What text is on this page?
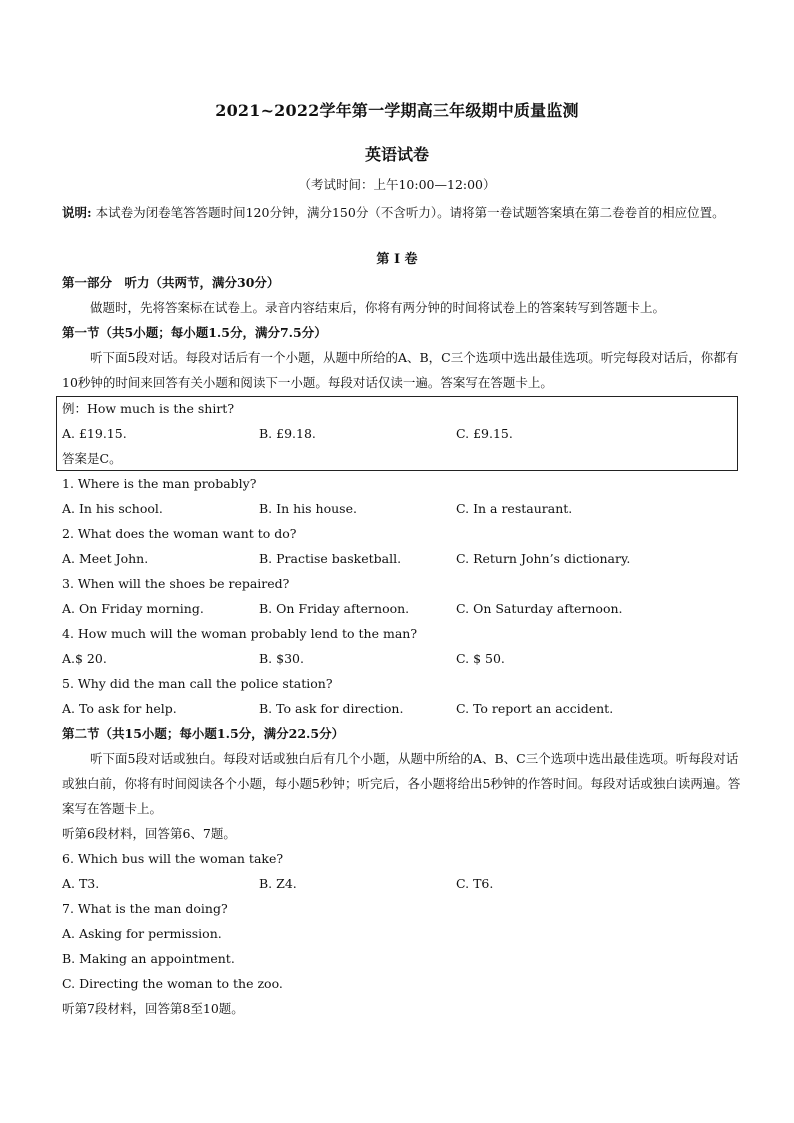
2021~2022学年第一学期高三年级期中质量监测
英语试卷
（考试时间：上午10:00—12:00）
说明: 本试卷为闭卷笔答答题时间120分钟，满分150分（不含听力）。请将第一卷试题答案填在第二卷卷首的相应位置。
第 I 卷
第一部分　听力（共两节，满分30分）
做题时，先将答案标在试卷上。录音内容结束后，你将有两分钟的时间将试卷上的答案转写到答题卡上。
第一节（共5小题；每小题1.5分，满分7.5分）
听下面5段对话。每段对话后有一个小题，从题中所给的A、B，C三个选项中选出最佳选项。听完每段对话后，你都有10秒钟的时间来回答有关小题和阅读下一小题。每段对话仅读一遍。答案写在答题卡上。
例：How much is the shirt?
A. £19.15.	B. £9.18.	C. £9.15.
答案是C。
1. Where is the man probably?
A. In his school.	B. In his house.	C. In a restaurant.
2. What does the woman want to do?
A. Meet John.	B. Practise basketball.	C. Return John’s dictionary.
3. When will the shoes be repaired?
A. On Friday morning.	B. On Friday afternoon.	C. On Saturday afternoon.
4. How much will the woman probably lend to the man?
A.$ 20.	B. $30.	C. $ 50.
5. Why did the man call the police station?
A. To ask for help.	B. To ask for direction.	C. To report an accident.
第二节（共15小题；每小题1.5分，满分22.5分）
听下面5段对话或独白。每段对话或独白后有几个小题，从题中所给的A、B、C三个选项中选出最佳选项。听每段对话或独白前，你将有时间阅读各个小题，每小题5秒钟；听完后，各小题将给出5秒钟的作答时间。每段对话或独白读两遍。答案写在答题卡上。
听第6段材料，回答第6、7题。
6. Which bus will the woman take?
A. T3.	B. Z4.	C. T6.
7. What is the man doing?
A. Asking for permission.
B. Making an appointment.
C. Directing the woman to the zoo.
听第7段材料，回答第8至10题。
